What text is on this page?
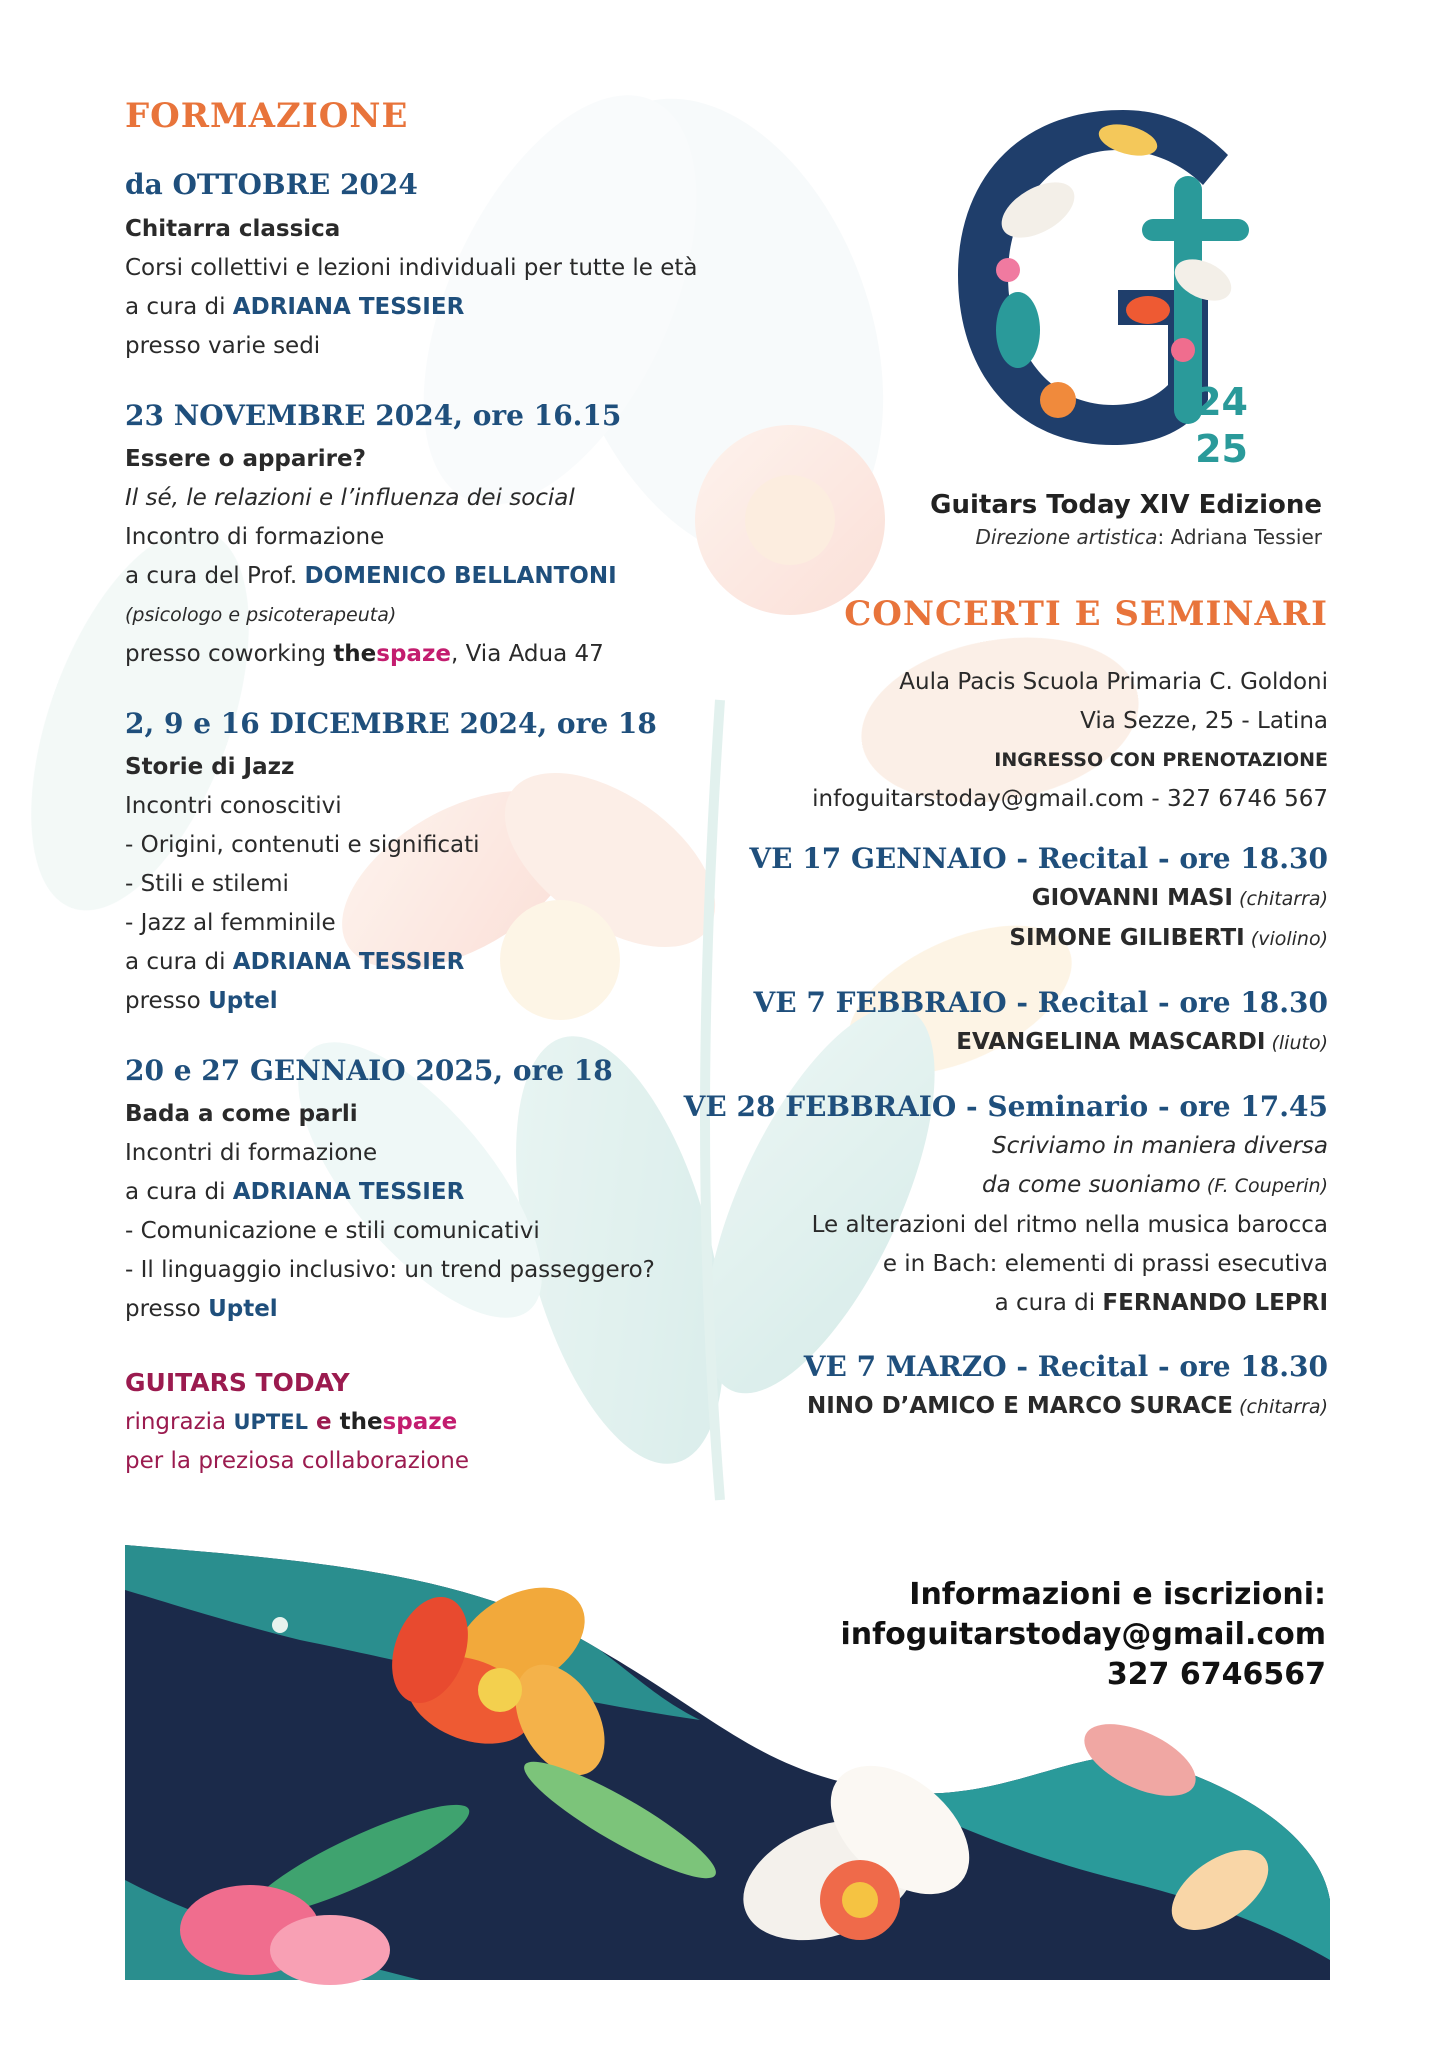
FORMAZIONE
da OTTOBRE 2024
Chitarra classica
Corsi collettivi e lezioni individuali per tutte le età
a cura di ADRIANA TESSIER
presso varie sedi
23 NOVEMBRE 2024, ore 16.15
Essere o apparire?
Il sé, le relazioni e l’influenza dei social
Incontro di formazione
a cura del Prof. DOMENICO BELLANTONI
(psicologo e psicoterapeuta)
presso coworking thespaze, Via Adua 47
2, 9 e 16 DICEMBRE 2024, ore 18
Storie di Jazz
Incontri conoscitivi
- Origini, contenuti e significati
- Stili e stilemi
- Jazz al femminile
a cura di ADRIANA TESSIER
presso Uptel
20 e 27 GENNAIO 2025, ore 18
Bada a come parli
Incontri di formazione
a cura di ADRIANA TESSIER
- Comunicazione e stili comunicativi
- Il linguaggio inclusivo: un trend passeggero?
presso Uptel
GUITARS TODAY
ringrazia UPTEL e thespaze
per la preziosa collaborazione
24
25
Guitars Today XIV Edizione
Direzione artistica: Adriana Tessier
CONCERTI E SEMINARI
Aula Pacis Scuola Primaria C. Goldoni
Via Sezze, 25 - Latina
INGRESSO CON PRENOTAZIONE
infoguitarstoday@gmail.com - 327 6746 567
VE 17 GENNAIO - Recital - ore 18.30
GIOVANNI MASI (chitarra)
SIMONE GILIBERTI (violino)
VE 7 FEBBRAIO - Recital - ore 18.30
EVANGELINA MASCARDI (liuto)
VE 28 FEBBRAIO - Seminario - ore 17.45
Scriviamo in maniera diversa
da come suoniamo (F. Couperin)
Le alterazioni del ritmo nella musica barocca
e in Bach: elementi di prassi esecutiva
a cura di FERNANDO LEPRI
VE 7 MARZO - Recital - ore 18.30
NINO D’AMICO E MARCO SURACE (chitarra)
Informazioni e iscrizioni:
infoguitarstoday@gmail.com
327 6746567
